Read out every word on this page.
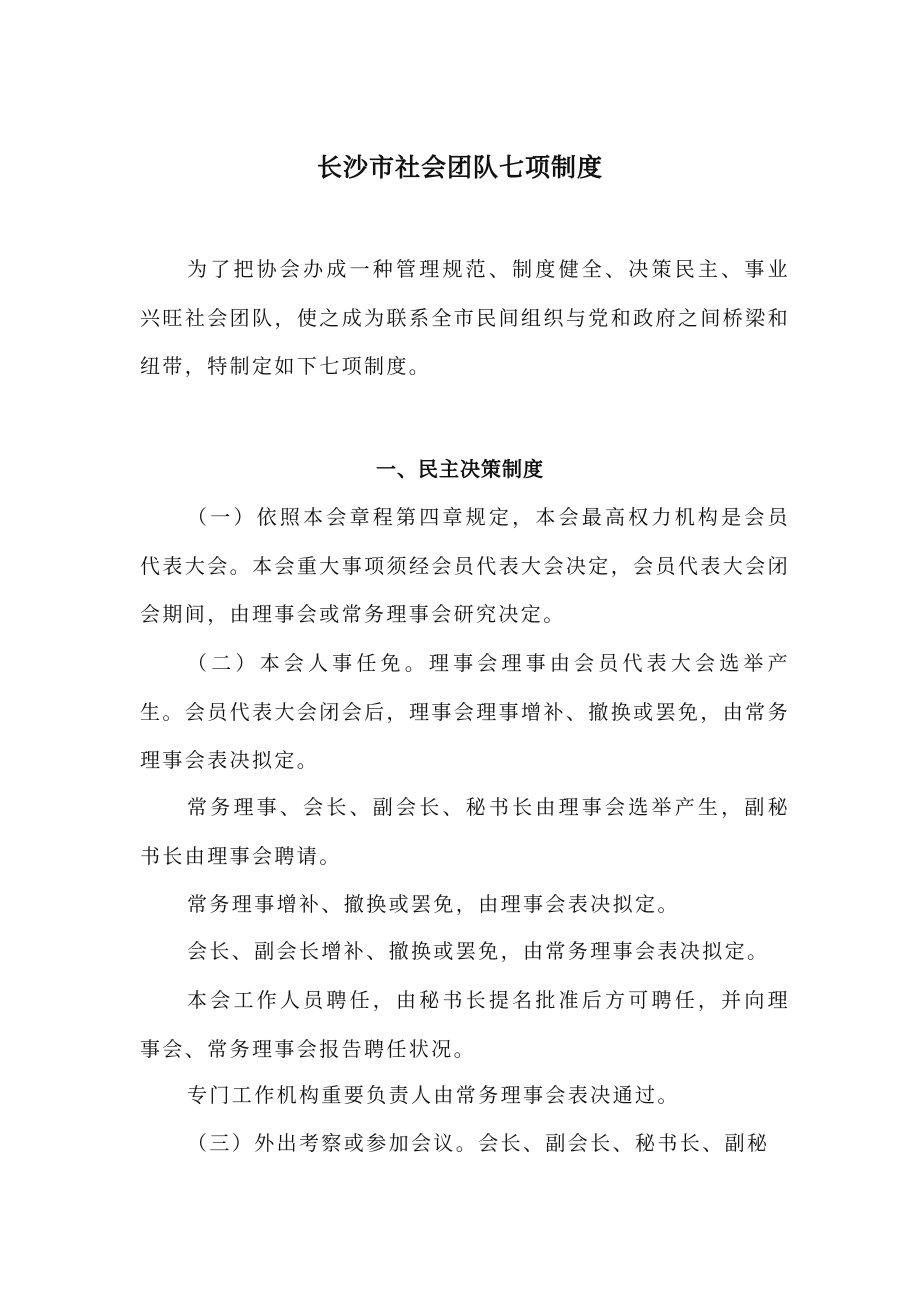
长沙市社会团队七项制度

为了把协会办成一种管理规范、制度健全、决策民主、事业兴旺社会团队，使之成为联系全市民间组织与党和政府之间桥梁和纽带，特制定如下七项制度。

一、民主决策制度

（一）依照本会章程第四章规定，本会最高权力机构是会员代表大会。本会重大事项须经会员代表大会决定，会员代表大会闭会期间，由理事会或常务理事会研究决定。

（二）本会人事任免。理事会理事由会员代表大会选举产生。会员代表大会闭会后，理事会理事增补、撤换或罢免，由常务理事会表决拟定。

常务理事、会长、副会长、秘书长由理事会选举产生，副秘书长由理事会聘请。

常务理事增补、撤换或罢免，由理事会表决拟定。

会长、副会长增补、撤换或罢免，由常务理事会表决拟定。

本会工作人员聘任，由秘书长提名批准后方可聘任，并向理事会、常务理事会报告聘任状况。

专门工作机构重要负责人由常务理事会表决通过。

（三）外出考察或参加会议。会长、副会长、秘书长、副秘
